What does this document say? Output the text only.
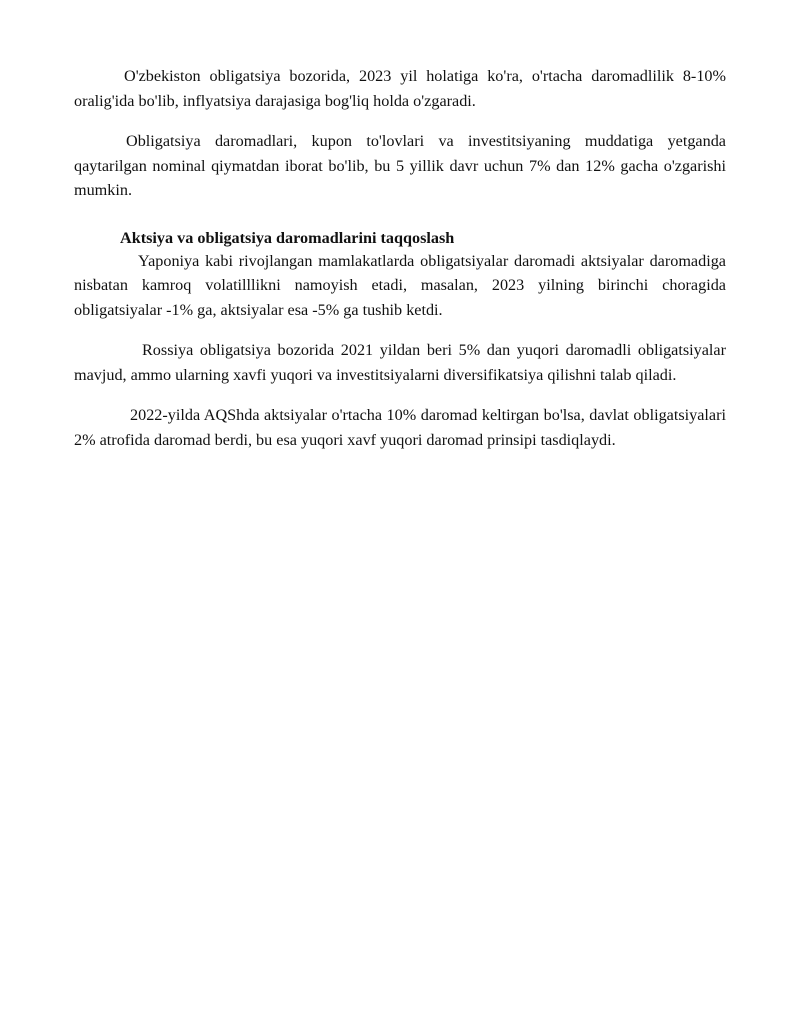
O'zbekiston obligatsiya bozorida, 2023 yil holatiga ko'ra, o'rtacha daromadlilik 8-10% oralig'ida bo'lib, inflyatsiya darajasiga bog'liq holda o'zgaradi.

Obligatsiya daromadlari, kupon to'lovlari va investitsiyaning muddatiga yetganda qaytarilgan nominal qiymatdan iborat bo'lib, bu 5 yillik davr uchun 7% dan 12% gacha o'zgarishi mumkin.

Aktsiya va obligatsiya daromadlarini taqqoslash

Yaponiya kabi rivojlangan mamlakatlarda obligatsiyalar daromadi aktsiyalar daromadiga nisbatan kamroq volatilllikni namoyish etadi, masalan, 2023 yilning birinchi choragida obligatsiyalar -1% ga, aktsiyalar esa -5% ga tushib ketdi.

Rossiya obligatsiya bozorida 2021 yildan beri 5% dan yuqori daromadli obligatsiyalar mavjud, ammo ularning xavfi yuqori va investitsiyalarni diversifikatsiya qilishni talab qiladi.

2022-yilda AQShda aktsiyalar o'rtacha 10% daromad keltirgan bo'lsa, davlat obligatsiyalari 2% atrofida daromad berdi, bu esa yuqori xavf yuqori daromad prinsipi tasdiqlaydi.
